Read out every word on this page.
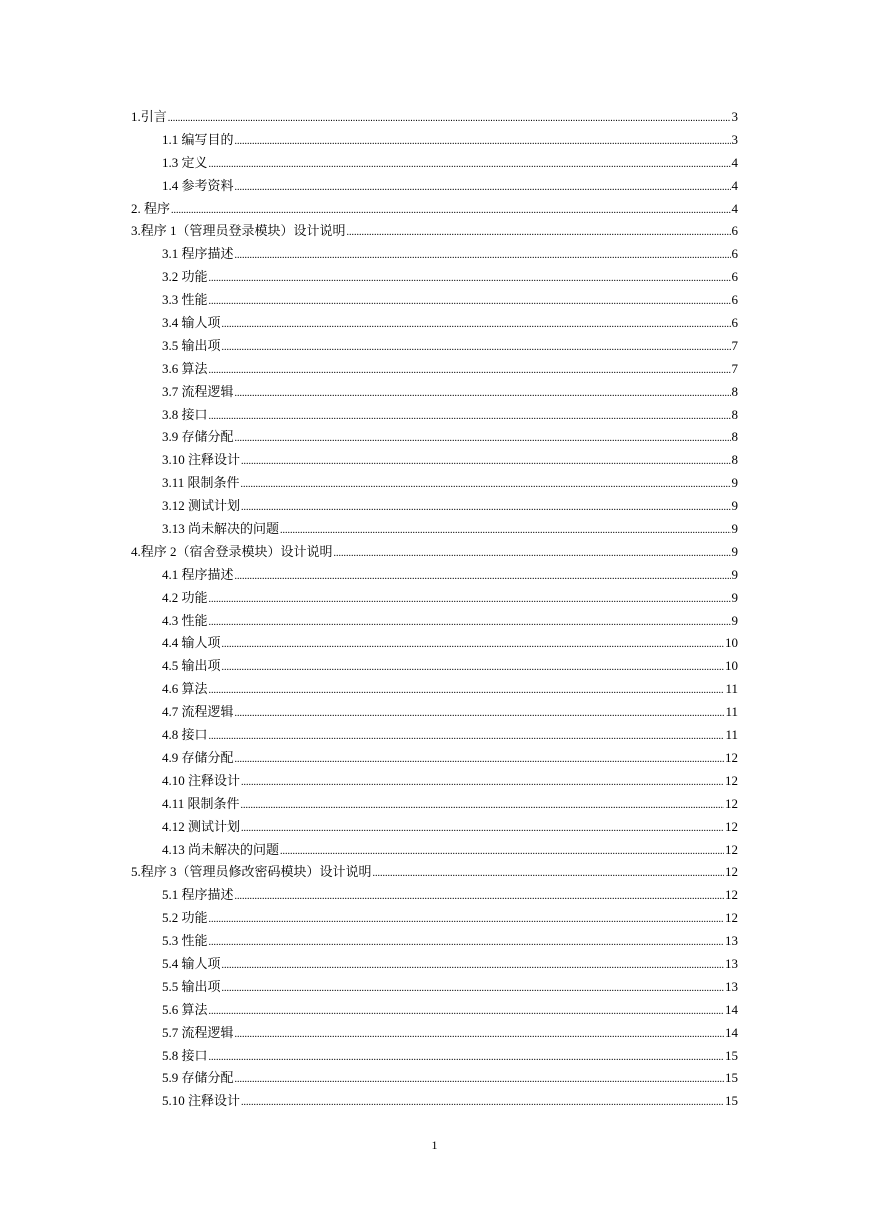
1.引言 .....	3
1.1 编写目的 .....	3
1.3 定义 .....	4
1.4 参考资料 .....	4
2. 程序 .....	4
3.程序 1（管理员登录模块）设计说明 .....	6
3.1 程序描述 .....	6
3.2 功能 .....	6
3.3 性能 .....	6
3.4 输人项 .....	6
3.5 输出项 .....	7
3.6 算法 .....	7
3.7 流程逻辑 .....	8
3.8 接口 .....	8
3.9 存储分配 .....	8
3.10 注释设计 .....	8
3.11 限制条件 .....	9
3.12 测试计划 .....	9
3.13 尚未解决的问题 .....	9
4.程序 2（宿舍登录模块）设计说明 .....	9
4.1 程序描述 .....	9
4.2 功能 .....	9
4.3 性能 .....	9
4.4 输人项 .....	10
4.5 输出项 .....	10
4.6 算法 .....	11
4.7 流程逻辑 .....	11
4.8 接口 .....	11
4.9 存储分配 .....	12
4.10 注释设计 .....	12
4.11 限制条件 .....	12
4.12 测试计划 .....	12
4.13 尚未解决的问题 .....	12
5.程序 3（管理员修改密码模块）设计说明 .....	12
5.1 程序描述 .....	12
5.2 功能 .....	12
5.3 性能 .....	13
5.4 输人项 .....	13
5.5 输出项 .....	13
5.6 算法 .....	14
5.7 流程逻辑 .....	14
5.8 接口 .....	15
5.9 存储分配 .....	15
5.10 注释设计 .....	15
1
